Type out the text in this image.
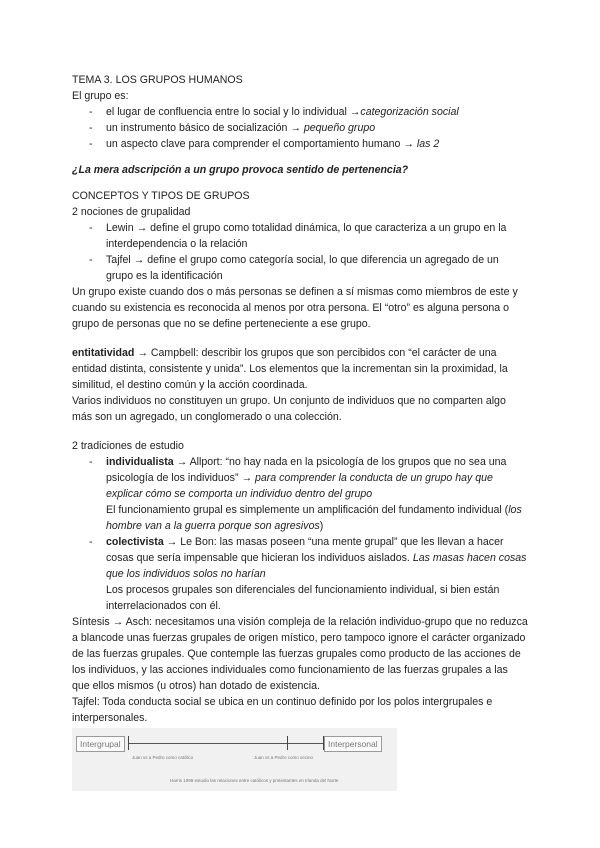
TEMA 3. LOS GRUPOS HUMANOS

El grupo es:

- el lugar de confluencia entre lo social y lo individual →categorización social
- un instrumento básico de socialización → pequeño grupo
- un aspecto clave para comprender el comportamiento humano → las 2

¿La mera adscripción a un grupo provoca sentido de pertenencia?

CONCEPTOS Y TIPOS DE GRUPOS

2 nociones de grupalidad

- Lewin → define el grupo como totalidad dinámica, lo que caracteriza a un grupo en la interdependencia o la relación
- Tajfel → define el grupo como categoría social, lo que diferencia un agregado de un grupo es la identificación

Un grupo existe cuando dos o más personas se definen a sí mismas como miembros de este y cuando su existencia es reconocida al menos por otra persona. El “otro” es alguna persona o grupo de personas que no se define perteneciente a ese grupo.

entitatividad → Campbell: describir los grupos que son percibidos con “el carácter de una entidad distinta, consistente y unida”. Los elementos que la incrementan sin la proximidad, la similitud, el destino común y la acción coordinada.

Varios individuos no constituyen un grupo. Un conjunto de individuos que no comparten algo más son un agregado, un conglomerado o una colección.

2 tradiciones de estudio

- individualista → Allport: “no hay nada en la psicología de los grupos que no sea una psicología de los individuos” → para comprender la conducta de un grupo hay que explicar cómo se comporta un individuo dentro del grupo

El funcionamiento grupal es simplemente un amplificación del fundamento individual (los hombre van a la guerra porque son agresivos)

- colectivista → Le Bon: las masas poseen “una mente grupal” que les llevan a hacer cosas que sería impensable que hicieran los individuos aislados. Las masas hacen cosas que los individuos solos no harían

Los procesos grupales son diferenciales del funcionamiento individual, si bien están interrelacionados con él.

Síntesis → Asch: necesitamos una visión compleja de la relación individuo-grupo que no reduzca a blancode unas fuerzas grupales de origen místico, pero tampoco ignore el carácter organizado de las fuerzas grupales. Que contemple las fuerzas grupales como producto de las acciones de los individuos, y las acciones individuales como funcionamiento de las fuerzas grupales a las que ellos mismos (u otros) han dotado de existencia.

Tajfel: Toda conducta social se ubica en un continuo definido por los polos intergrupales e interpersonales.

Intergrupal	Interpersonal
Juan vs a Pedro como católico	Juan vs a Pedro como vecino
Harris 1999 estudio las relaciones entre católicos y protestantes en Irlanda del Norte
